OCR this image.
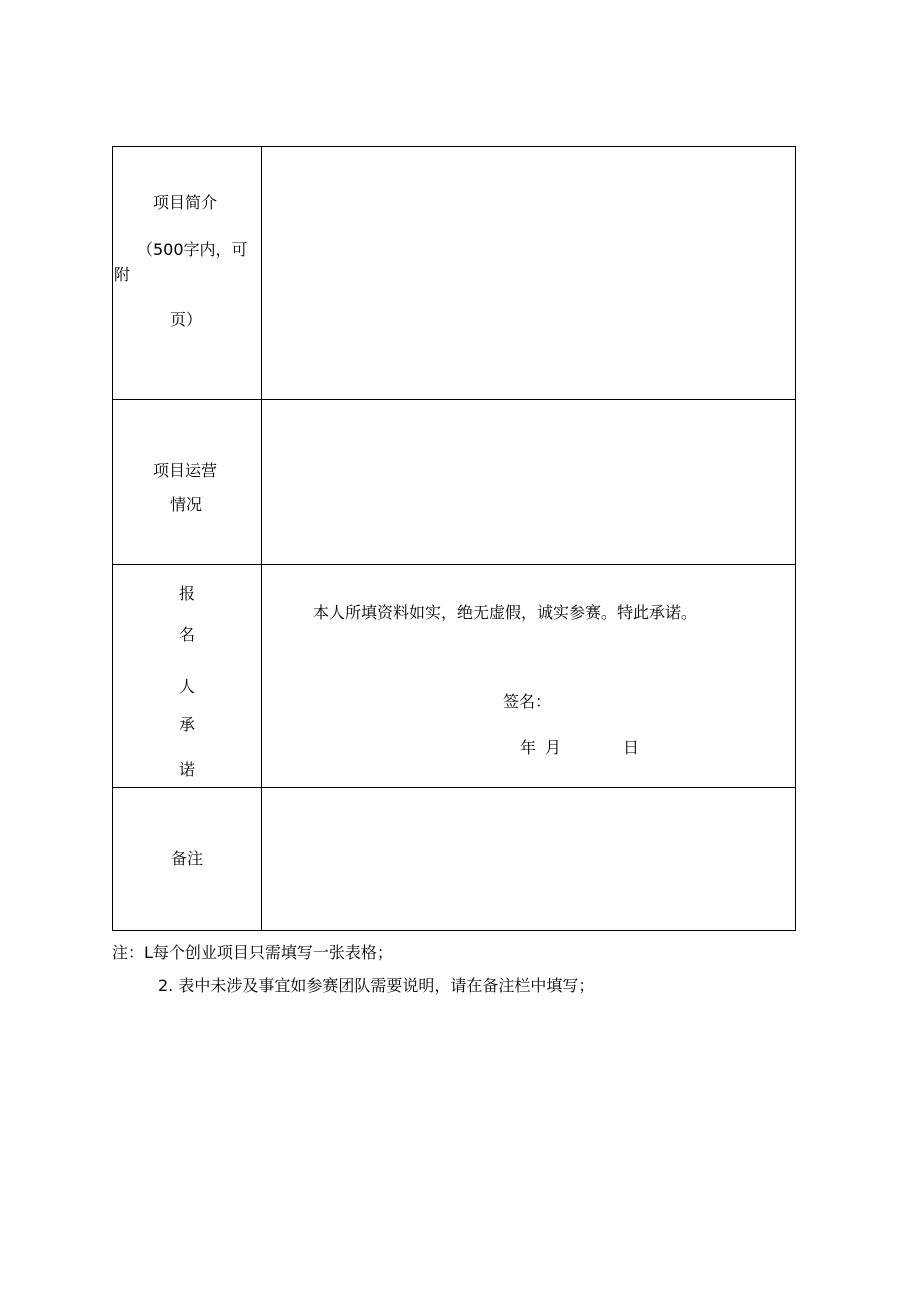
项目简介
（500字内，可
附
页）	

项目运营
情况	

报
名
人
承
诺	本人所填资料如实，绝无虚假，诚实参赛。特此承诺。
签名：
年 月 日

备注	

注：L每个创业项目只需填写一张表格；
2. 表中未涉及事宜如参赛团队需要说明，请在备注栏中填写；
